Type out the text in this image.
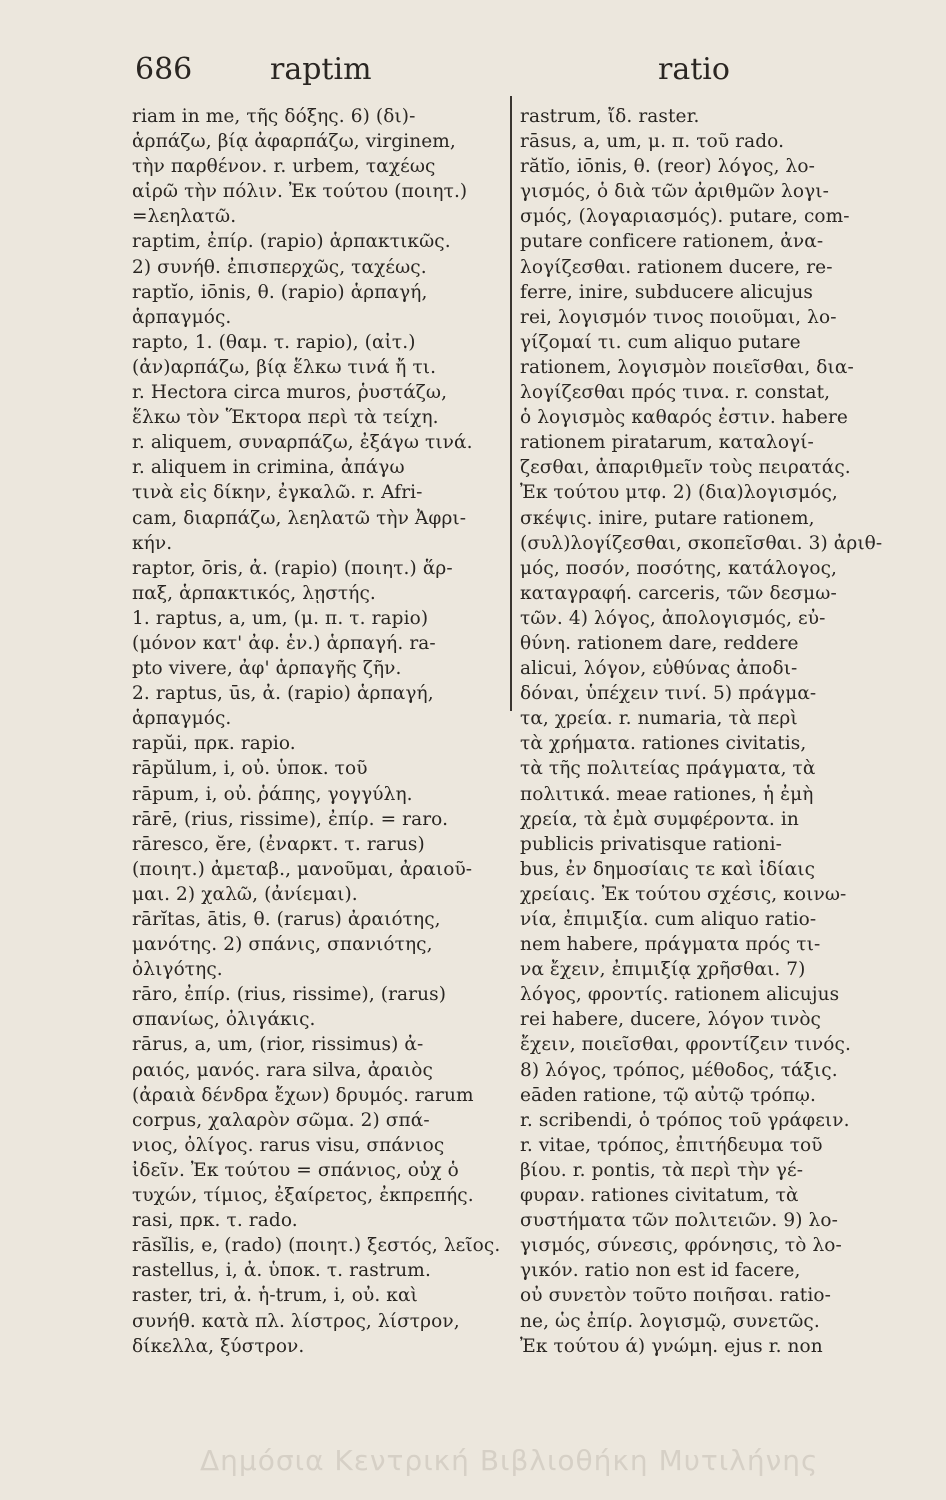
686	raptim	ratio
riam in me, τῆς δόξης. 6) (δι)-
ἁρπάζω, βίᾳ ἀφαρπάζω, virginem,
τὴν παρθένον. r. urbem, ταχέως
αἱρῶ τὴν πόλιν. Ἐκ τούτου (ποιητ.)
=λεηλατῶ.
raptim, ἐπίρ. (rapio) ἁρπακτικῶς.
2) συνήθ. ἐπισπερχῶς, ταχέως.
raptĭo, iōnis, θ. (rapio) ἁρπαγή,
ἁρπαγμός.
rapto, 1. (θαμ. τ. rapio), (αἰτ.)
(ἀν)αρπάζω, βίᾳ ἕλκω τινά ἤ τι.
r. Hectora circa muros, ῥυστάζω,
ἕλκω τὸν Ἕκτορα περὶ τὰ τείχη.
r. aliquem, συναρπάζω, ἐξάγω τινά.
r. aliquem in crimina, ἀπάγω
τινὰ εἰς δίκην, ἐγκαλῶ. r. Afri-
cam, διαρπάζω, λεηλατῶ τὴν Ἀφρι-
κήν.
raptor, ōris, ἀ. (rapio) (ποιητ.) ἅρ-
παξ, ἁρπακτικός, λῃστής.
1. raptus, a, um, (μ. π. τ. rapio)
(μόνον κατ' ἀφ. ἑν.) ἁρπαγή. ra-
pto vivere, ἀφ' ἁρπαγῆς ζῆν.
2. raptus, ūs, ἀ. (rapio) ἁρπαγή,
ἁρπαγμός.
rapŭi, πρκ. rapio.
rāpŭlum, i, οὐ. ὑποκ. τοῦ
rāpum, i, οὐ. ῥάπης, γογγύλη.
rārē, (rius, rissime), ἐπίρ. = raro.
rāresco, ĕre, (ἐναρκτ. τ. rarus)
(ποιητ.) ἀμεταβ., μανοῦμαι, ἀραιοῦ-
μαι. 2) χαλῶ, (ἀνίεμαι).
rārĭtas, ātis, θ. (rarus) ἀραιότης,
μανότης. 2) σπάνις, σπανιότης,
ὀλιγότης.
rāro, ἐπίρ. (rius, rissime), (rarus)
σπανίως, ὀλιγάκις.
rārus, a, um, (rior, rissimus) ἀ-
ραιός, μανός. rara silva, ἀραιὸς
(ἀραιὰ δένδρα ἔχων) δρυμός. rarum
corpus, χαλαρὸν σῶμα. 2) σπά-
νιος, ὀλίγος. rarus visu, σπάνιος
ἰδεῖν. Ἐκ τούτου = σπάνιος, οὐχ ὁ
τυχών, τίμιος, ἐξαίρετος, ἐκπρεπής.
rasi, πρκ. τ. rado.
rāsĭlis, e, (rado) (ποιητ.) ξεστός, λεῖος.
rastellus, i, ἀ. ὑποκ. τ. rastrum.
raster, tri, ἀ. ἡ-trum, i, οὐ. καὶ
συνήθ. κατὰ πλ. λίστρος, λίστρον,
δίκελλα, ξύστρον.
rastrum, ἴδ. raster.
rāsus, a, um, μ. π. τοῦ rado.
rătĭo, iōnis, θ. (reor) λόγος, λο-
γισμός, ὁ διὰ τῶν ἀριθμῶν λογι-
σμός, (λογαριασμός). putare, com-
putare conficere rationem, ἀνα-
λογίζεσθαι. rationem ducere, re-
ferre, inire, subducere alicujus
rei, λογισμόν τινος ποιοῦμαι, λο-
γίζομαί τι. cum aliquo putare
rationem, λογισμὸν ποιεῖσθαι, δια-
λογίζεσθαι πρός τινα. r. constat,
ὁ λογισμὸς καθαρός ἐστιν. habere
rationem piratarum, καταλογί-
ζεσθαι, ἀπαριθμεῖν τοὺς πειρατάς.
Ἐκ τούτου μτφ. 2) (δια)λογισμός,
σκέψις. inire, putare rationem,
(συλ)λογίζεσθαι, σκοπεῖσθαι. 3) ἀριθ-
μός, ποσόν, ποσότης, κατάλογος,
καταγραφή. carceris, τῶν δεσμω-
τῶν. 4) λόγος, ἀπολογισμός, εὐ-
θύνη. rationem dare, reddere
alicui, λόγον, εὐθύνας ἀποδι-
δόναι, ὑπέχειν τινί. 5) πράγμα-
τα, χρεία. r. numaria, τὰ περὶ
τὰ χρήματα. rationes civitatis,
τὰ τῆς πολιτείας πράγματα, τὰ
πολιτικά. meae rationes, ἡ ἐμὴ
χρεία, τὰ ἐμὰ συμφέροντα. in
publicis privatisque rationi-
bus, ἐν δημοσίαις τε καὶ ἰδίαις
χρείαις. Ἐκ τούτου σχέσις, κοινω-
νία, ἐπιμιξία. cum aliquo ratio-
nem habere, πράγματα πρός τι-
να ἔχειν, ἐπιμιξίᾳ χρῆσθαι. 7)
λόγος, φροντίς. rationem alicujus
rei habere, ducere, λόγον τινὸς
ἔχειν, ποιεῖσθαι, φροντίζειν τινός.
8) λόγος, τρόπος, μέθοδος, τάξις.
eāden ratione, τῷ αὐτῷ τρόπῳ.
r. scribendi, ὁ τρόπος τοῦ γράφειν.
r. vitae, τρόπος, ἐπιτήδευμα τοῦ
βίου. r. pontis, τὰ περὶ τὴν γέ-
φυραν. rationes civitatum, τὰ
συστήματα τῶν πολιτειῶν. 9) λο-
γισμός, σύνεσις, φρόνησις, τὸ λο-
γικόν. ratio non est id facere,
οὐ συνετὸν τοῦτο ποιῆσαι. ratio-
ne, ὡς ἐπίρ. λογισμῷ, συνετῶς.
Ἐκ τούτου ά) γνώμη. ejus r. non
Δημόσια Κεντρική Βιβλιοθήκη Μυτιλήνης
